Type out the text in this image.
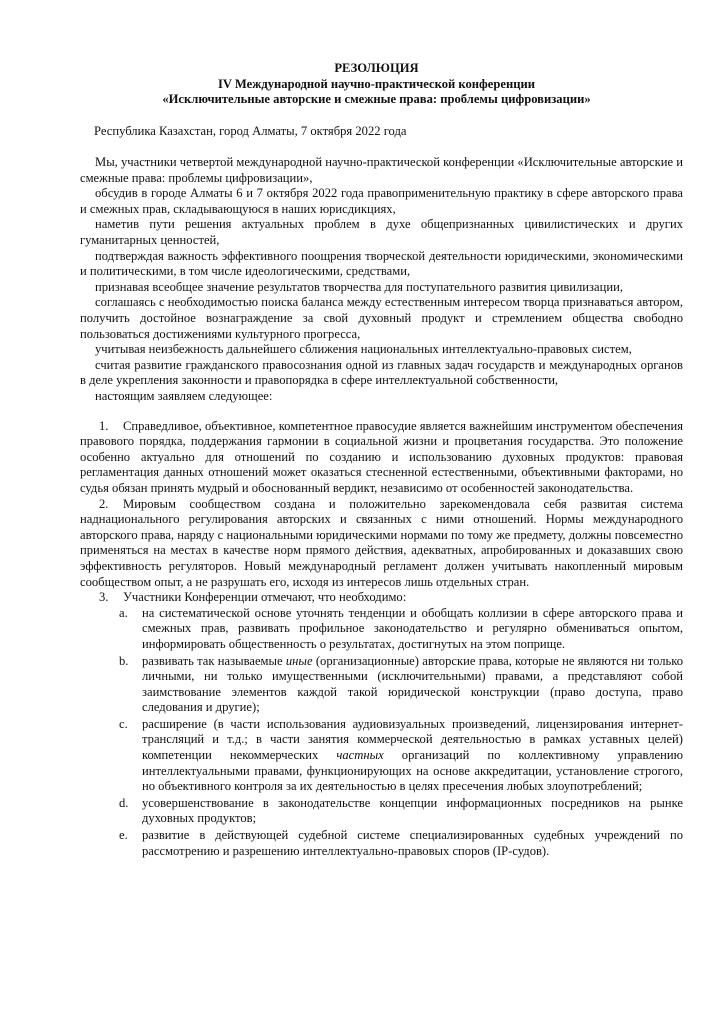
РЕЗОЛЮЦИЯ
IV Международной научно-практической конференции
«Исключительные авторские и смежные права: проблемы цифровизации»
Республика Казахстан, город Алматы, 7 октября 2022 года

Мы, участники четвертой международной научно-практической конференции «Исключительные авторские и смежные права: проблемы цифровизации»,

обсудив в городе Алматы 6 и 7 октября 2022 года правоприменительную практику в сфере авторского права и смежных прав, складывающуюся в наших юрисдикциях,

наметив пути решения актуальных проблем в духе общепризнанных цивилистических и других гуманитарных ценностей,

подтверждая важность эффективного поощрения творческой деятельности юридическими, экономическими и политическими, в том числе идеологическими, средствами,

признавая всеобщее значение результатов творчества для поступательного развития цивилизации,

соглашаясь с необходимостью поиска баланса между естественным интересом творца признаваться автором, получить достойное вознаграждение за свой духовный продукт и стремлением общества свободно пользоваться достижениями культурного прогресса,

учитывая неизбежность дальнейшего сближения национальных интеллектуально-правовых систем,

считая развитие гражданского правосознания одной из главных задач государств и международных органов в деле укрепления законности и правопорядка в сфере интеллектуальной собственности,

настоящим заявляем следующее:

1. Справедливое, объективное, компетентное правосудие является важнейшим инструментом обеспечения правового порядка, поддержания гармонии в социальной жизни и процветания государства. Это положение особенно актуально для отношений по созданию и использованию духовных продуктов: правовая регламентация данных отношений может оказаться стесненной естественными, объективными факторами, но судья обязан принять мудрый и обоснованный вердикт, независимо от особенностей законодательства.

2. Мировым сообществом создана и положительно зарекомендовала себя развитая система наднационального регулирования авторских и связанных с ними отношений. Нормы международного авторского права, наряду с национальными юридическими нормами по тому же предмету, должны повсеместно применяться на местах в качестве норм прямого действия, адекватных, апробированных и доказавших свою эффективность регуляторов. Новый международный регламент должен учитывать накопленный мировым сообществом опыт, а не разрушать его, исходя из интересов лишь отдельных стран.

3. Участники Конференции отмечают, что необходимо:

a. на систематической основе уточнять тенденции и обобщать коллизии в сфере авторского права и смежных прав, развивать профильное законодательство и регулярно обмениваться опытом, информировать общественность о результатах, достигнутых на этом поприще.
b. развивать так называемые иные (организационные) авторские права, которые не являются ни только личными, ни только имущественными (исключительными) правами, а представляют собой заимствование элементов каждой такой юридической конструкции (право доступа, право следования и другие);
c. расширение (в части использования аудиовизуальных произведений, лицензирования интернет-трансляций и т.д.; в части занятия коммерческой деятельностью в рамках уставных целей) компетенции некоммерческих частных организаций по коллективному управлению интеллектуальными правами, функционирующих на основе аккредитации, установление строгого, но объективного контроля за их деятельностью в целях пресечения любых злоупотреблений;
d. усовершенствование в законодательстве концепции информационных посредников на рынке духовных продуктов;
e. развитие в действующей судебной системе специализированных судебных учреждений по рассмотрению и разрешению интеллектуально-правовых споров (IP-судов).
